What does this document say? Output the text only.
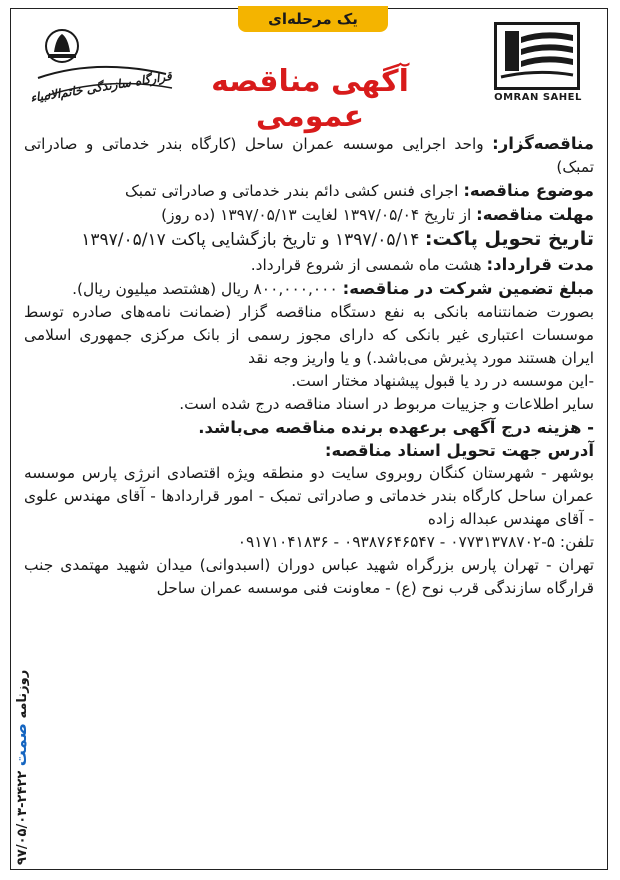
یک مرحله‌ای
قرارگاه سازندگی خاتم‌الانبیاء	OMRAN SAHEL
آگهی مناقصه عمومی

مناقصه‌گزار: واحد اجرایی موسسه عمران ساحل (کارگاه بندر خدماتی و صادراتی تمبک)

موضوع مناقصه: اجرای فنس کشی دائم بندر خدماتی و صادراتی تمبک

مهلت مناقصه: از تاریخ ۱۳۹۷/۰۵/۰۴ لغایت ۱۳۹۷/۰۵/۱۳ (ده روز)

تاریخ تحویل پاکت: ۱۳۹۷/۰۵/۱۴ و تاریخ بازگشایی پاکت ۱۳۹۷/۰۵/۱۷

مدت قرارداد: هشت ماه شمسی از شروع قرارداد.

مبلغ تضمین شرکت در مناقصه: ۸۰۰,۰۰۰,۰۰۰ ریال (هشتصد میلیون ریال).

بصورت ضمانتنامه بانکی به نفع دستگاه مناقصه گزار (ضمانت نامه‌های صادره توسط موسسات اعتباری غیر بانکی که دارای مجوز رسمی از بانک مرکزی جمهوری اسلامی ایران هستند مورد پذیرش می‌باشد.) و یا واریز وجه نقد

-این موسسه در رد یا قبول پیشنهاد مختار است.

سایر اطلاعات و جزییات مربوط در اسناد مناقصه درج شده است.

- هزینه درج آگهی برعهده برنده مناقصه می‌باشد.

آدرس جهت تحویل اسناد مناقصه:

بوشهر - شهرستان کنگان روبروی سایت دو منطقه ویژه اقتصادی انرژی پارس موسسه عمران ساحل کارگاه بندر خدماتی و صادراتی تمبک - امور قراردادها - آقای مهندس علوی - آقای مهندس عبداله زاده

تلفن: ۵-۰۷۷۳۱۳۷۸۷۰۲ - ۰۹۳۸۷۶۴۶۵۴۷ - ۰۹۱۷۱۰۴۱۸۳۶

تهران - تهران پارس بزرگراه شهید عباس دوران (اسبدوانی) میدان شهید مهتمدی جنب قرارگاه سازندگی قرب نوح (ع) - معاونت فنی موسسه عمران ساحل

روزنامه صمت ۲۴۲۲-۹۷/۰۵/۰۳
